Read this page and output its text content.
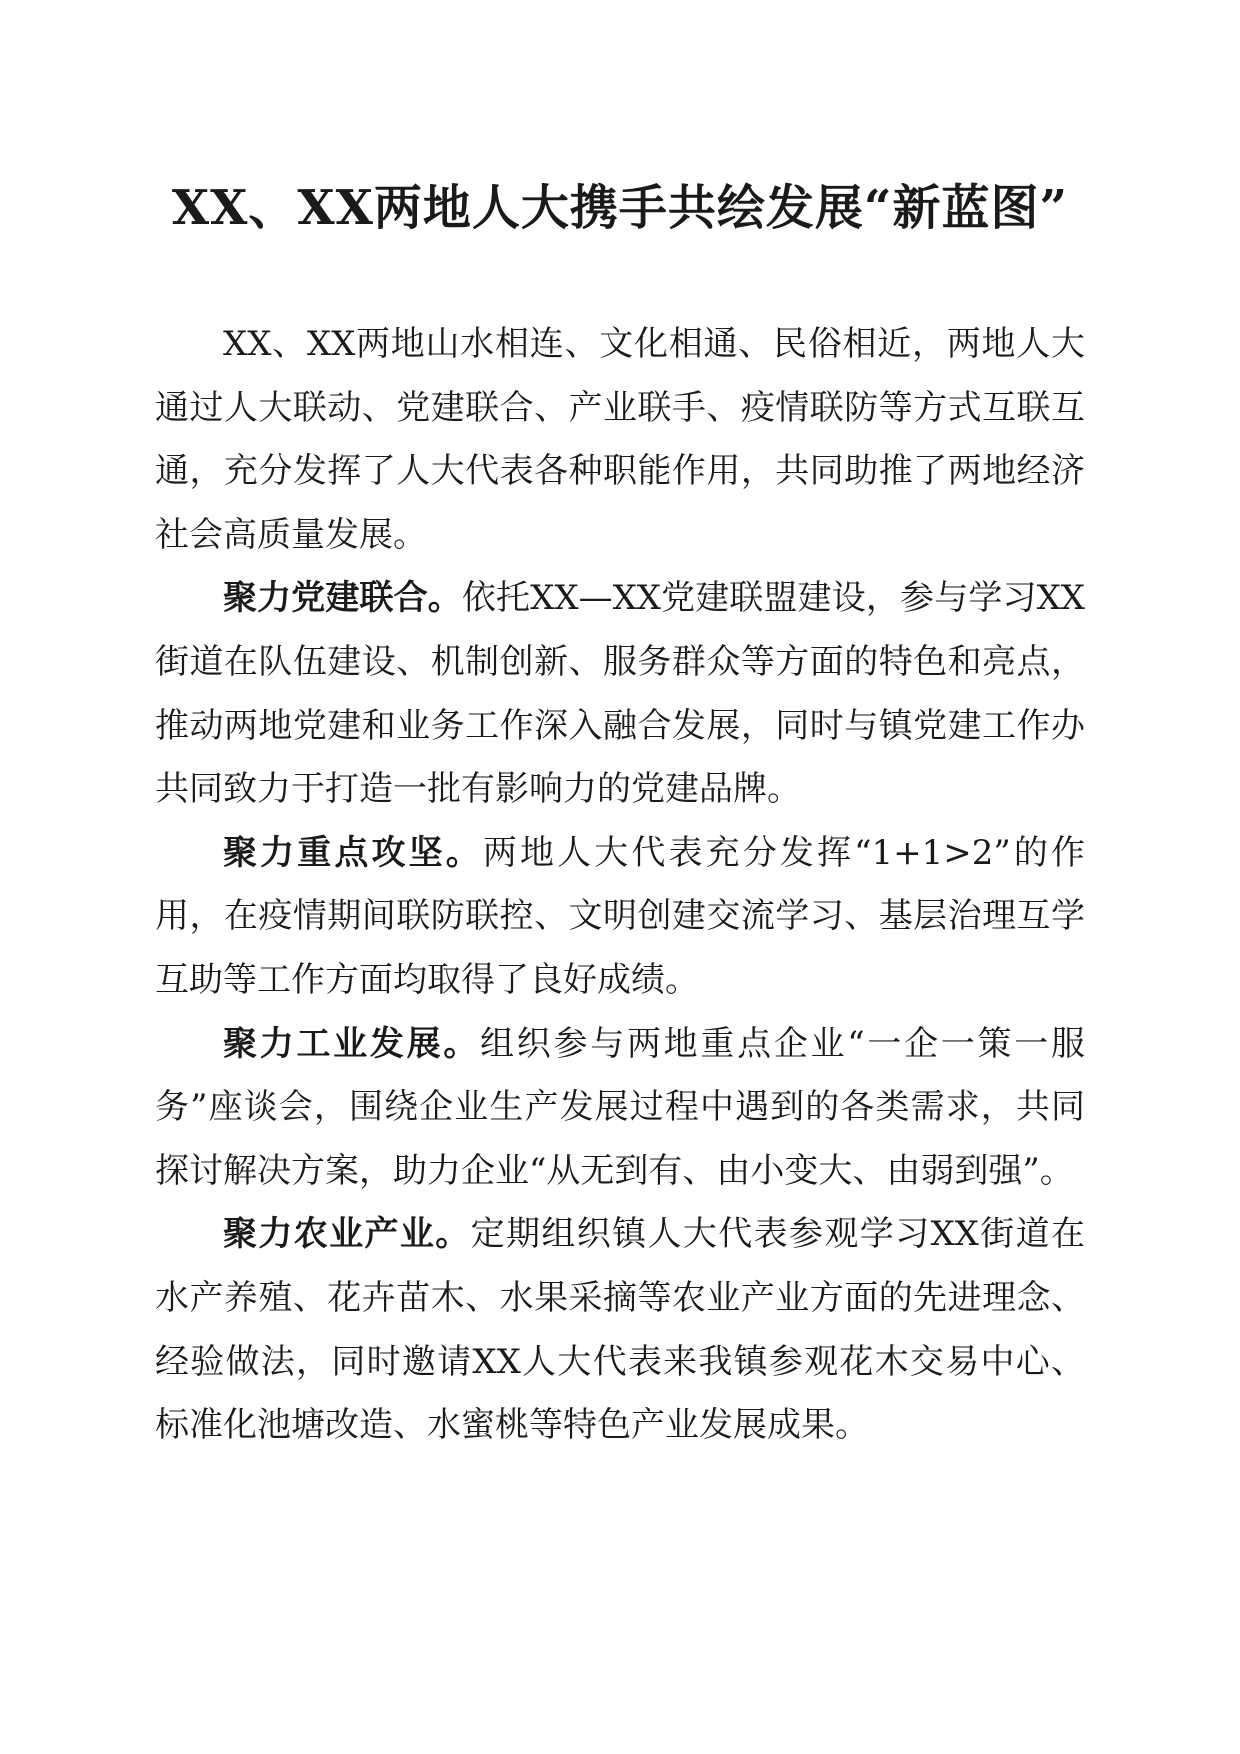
XX、XX两地人大携手共绘发展“新蓝图”

XX、XX两地山水相连、文化相通、民俗相近，两地人大通过人大联动、党建联合、产业联手、疫情联防等方式互联互通，充分发挥了人大代表各种职能作用，共同助推了两地经济社会高质量发展。

聚力党建联合。依托XX—XX党建联盟建设，参与学习XX街道在队伍建设、机制创新、服务群众等方面的特色和亮点，推动两地党建和业务工作深入融合发展，同时与镇党建工作办共同致力于打造一批有影响力的党建品牌。

聚力重点攻坚。两地人大代表充分发挥“1+1>2”的作用，在疫情期间联防联控、文明创建交流学习、基层治理互学互助等工作方面均取得了良好成绩。

聚力工业发展。组织参与两地重点企业“一企一策一服务”座谈会，围绕企业生产发展过程中遇到的各类需求，共同探讨解决方案，助力企业“从无到有、由小变大、由弱到强”。

聚力农业产业。定期组织镇人大代表参观学习XX街道在水产养殖、花卉苗木、水果采摘等农业产业方面的先进理念、经验做法，同时邀请XX人大代表来我镇参观花木交易中心、标准化池塘改造、水蜜桃等特色产业发展成果。
